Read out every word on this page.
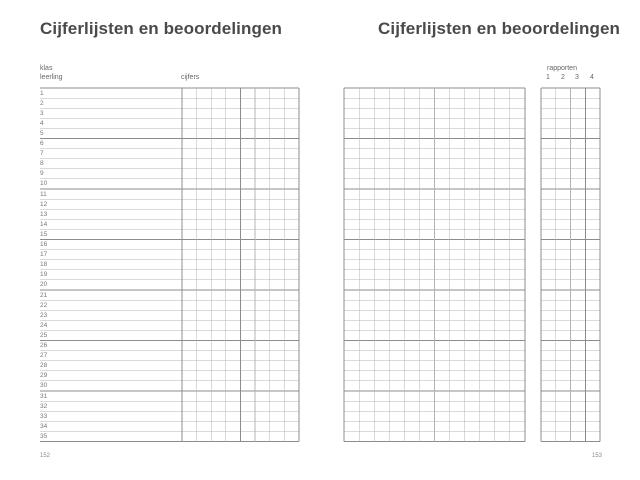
Cijferlijsten en beoordelingen	Cijferlijsten en beoordelingen
klas
leerling	cijfers
rapporten
1	2	3	4
1
2
3
4
5
6
7
8
9
10
11
12
13
14
15
16
17
18
19
20
21
22
23
24
25
26
27
28
29
30
31
32
33
34
35
152	153
